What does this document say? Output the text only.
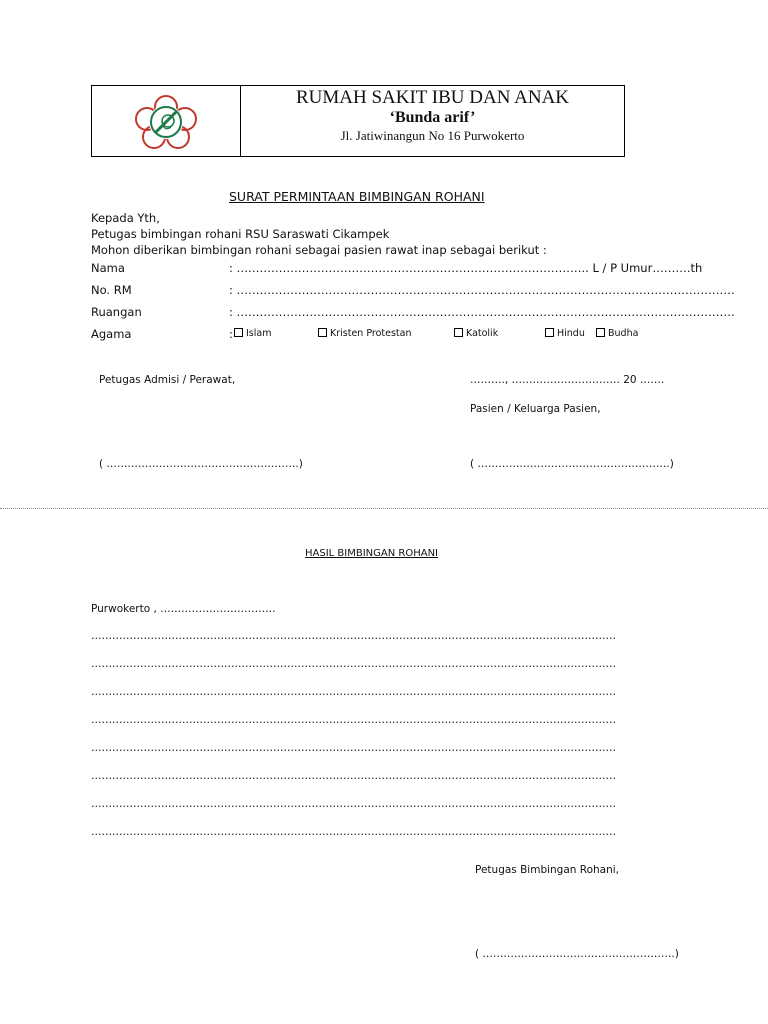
RUMAH SAKIT IBU DAN ANAK
‘Bunda arif’
Jl. Jatiwinangun No 16 Purwokerto
SURAT PERMINTAAN BIMBINGAN ROHANI
Kepada Yth,
Petugas bimbingan rohani RSU Saraswati Cikampek
Mohon diberikan bimbingan rohani sebagai pasien rawat inap sebagai berikut :
Nama	: ……………………………………………………………………………….. L / P Umur……….th
No. RM	: ………………………………………………………………………………………………………………….
Ruangan	: ………………………………………………………………………………………………………………….
Agama	:	Islam	Kristen Protestan	Katolik	Hindu	Budha
Petugas Admisi / Perawat,	………., …………………………. 20 …….
Pasien / Keluarga Pasien,
( ……………………………………………….)	( ……………………………………………….)
HASIL BIMBINGAN ROHANI
Purwokerto , ……………………………
……………………………………………………………………………………………………………………………………
……………………………………………………………………………………………………………………………………
……………………………………………………………………………………………………………………………………
……………………………………………………………………………………………………………………………………
……………………………………………………………………………………………………………………………………
……………………………………………………………………………………………………………………………………
……………………………………………………………………………………………………………………………………
……………………………………………………………………………………………………………………………………
Petugas Bimbingan Rohani,
( ……………………………………………….)
